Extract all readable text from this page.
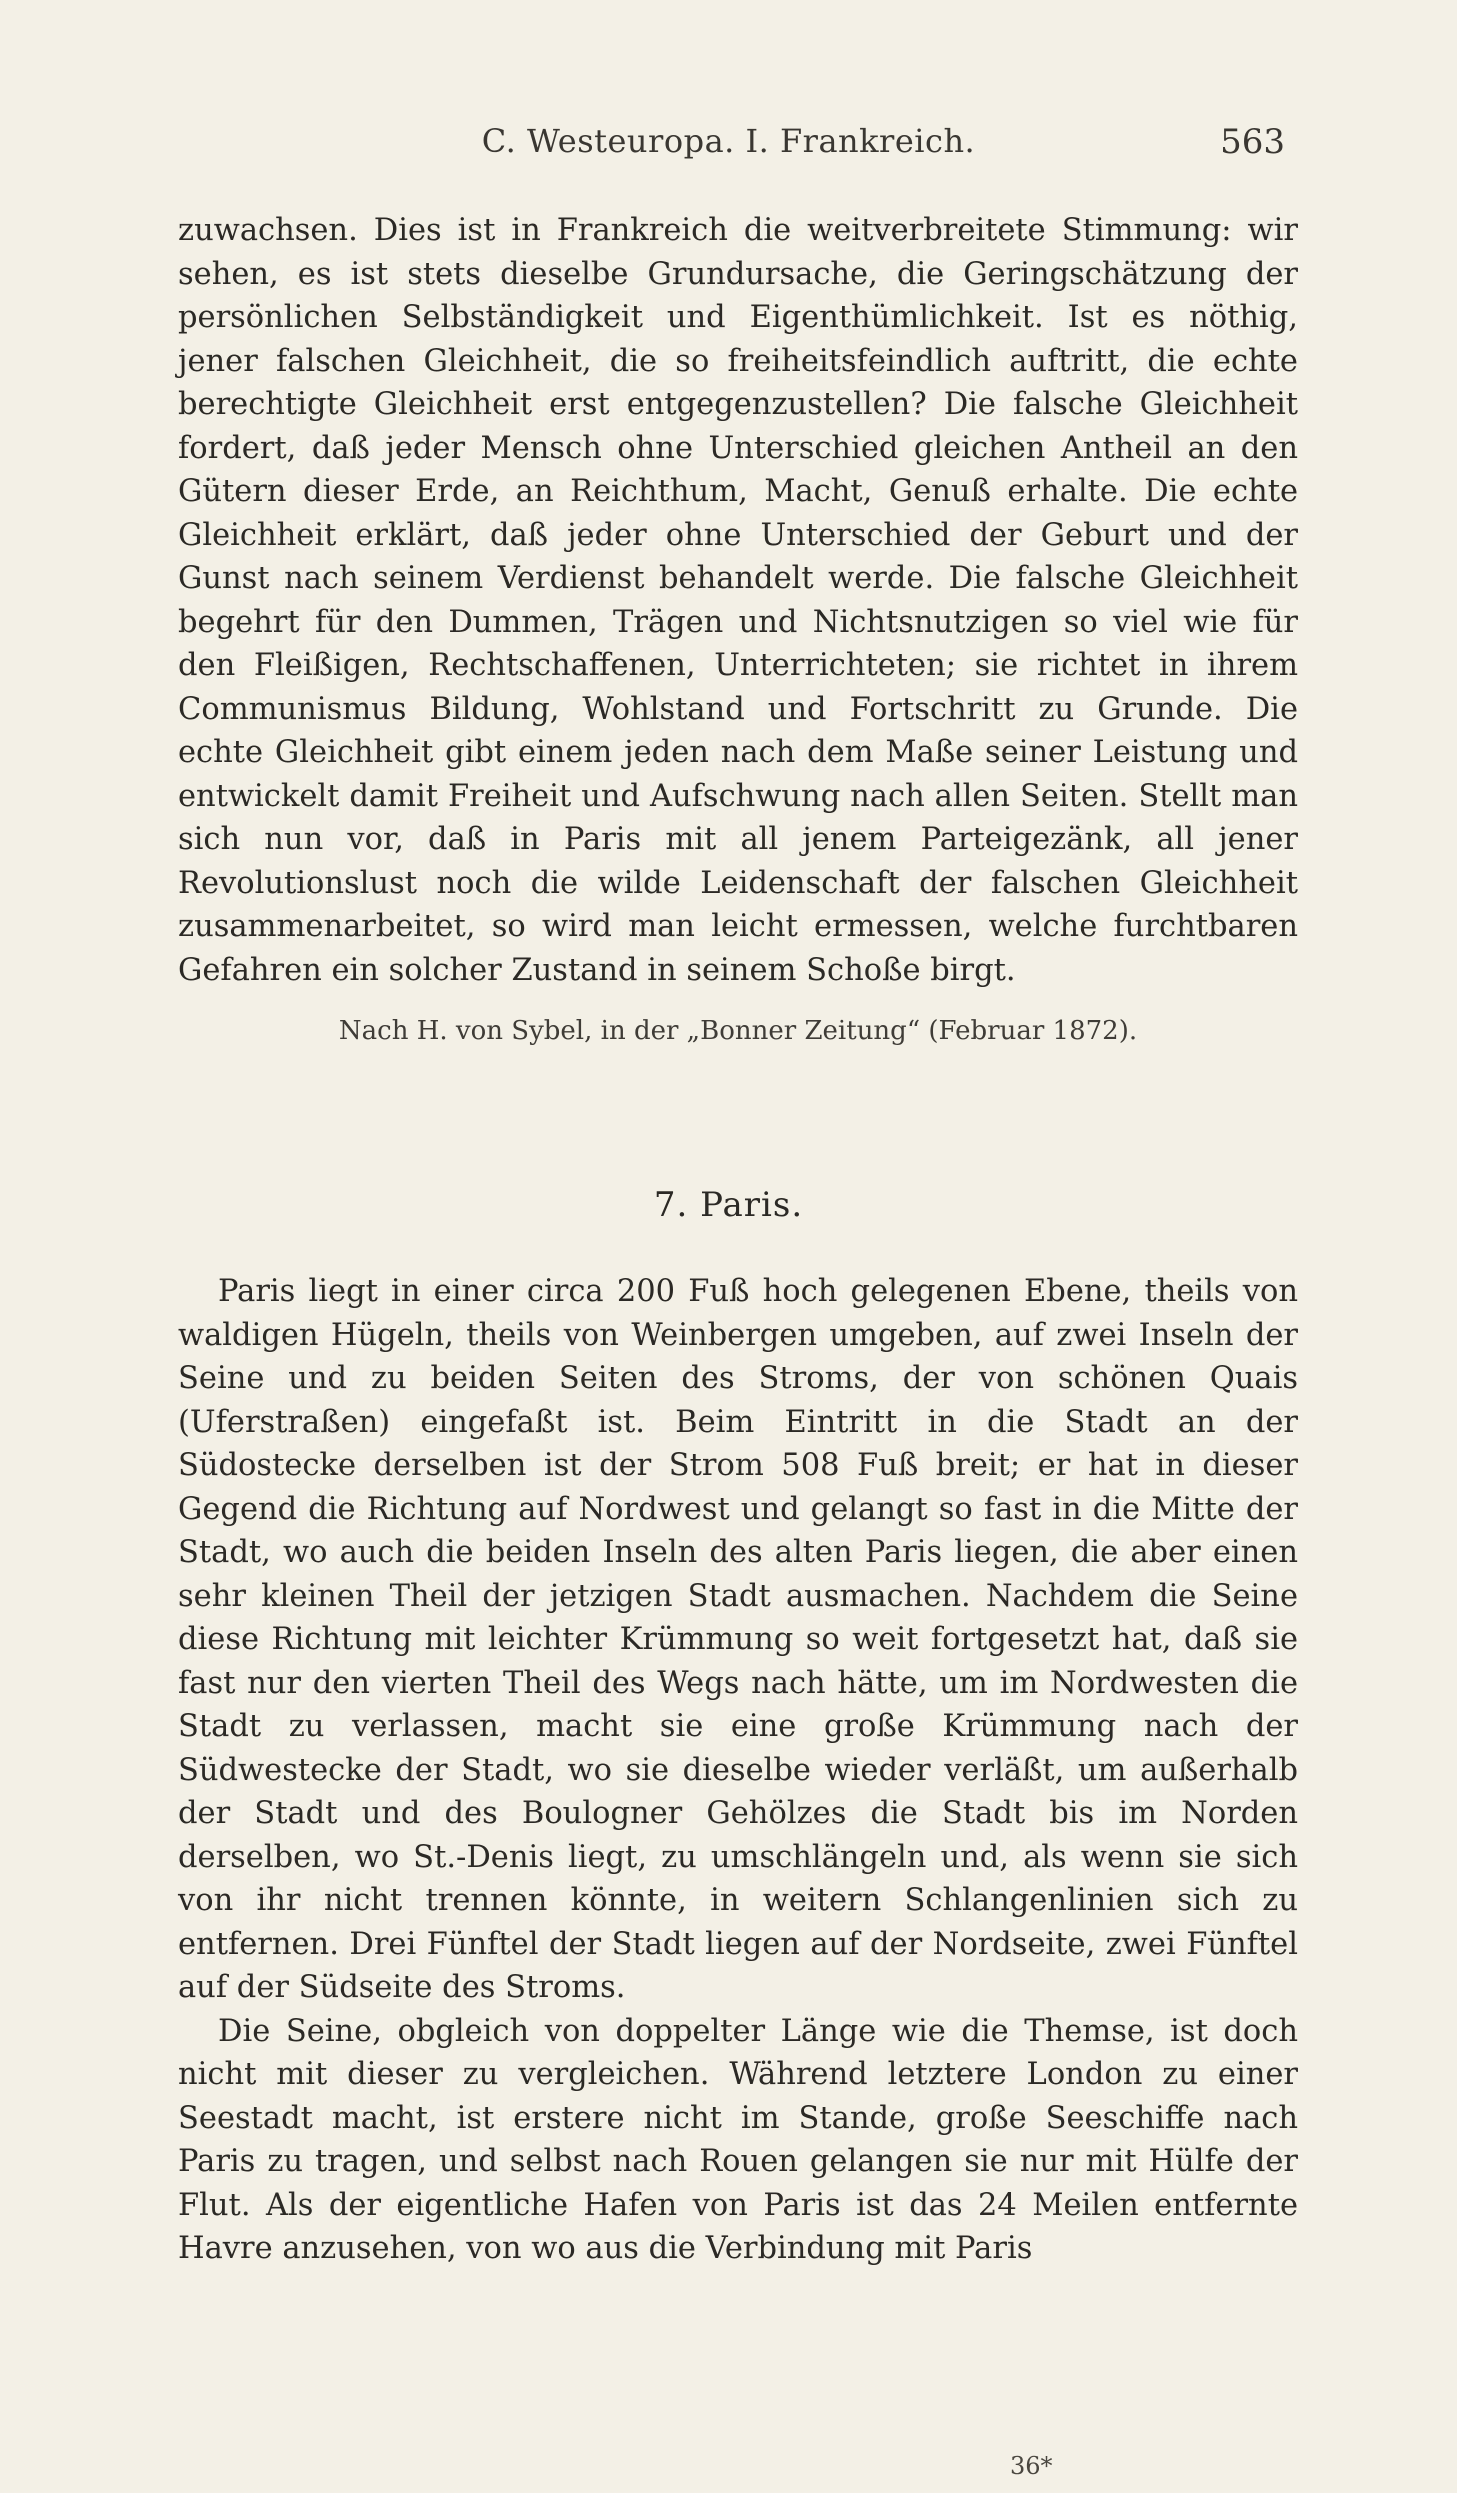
C. Westeuropa. I. Frankreich.	563

zuwachsen. Dies ist in Frankreich die weitverbreitete Stimmung: wir sehen, es ist stets dieselbe Grundursache, die Geringschätzung der persönlichen Selbständigkeit und Eigenthümlichkeit. Ist es nöthig, jener falschen Gleichheit, die so freiheitsfeindlich auftritt, die echte berechtigte Gleichheit erst entgegenzustellen? Die falsche Gleichheit fordert, daß jeder Mensch ohne Unterschied gleichen Antheil an den Gütern dieser Erde, an Reichthum, Macht, Genuß erhalte. Die echte Gleichheit erklärt, daß jeder ohne Unterschied der Geburt und der Gunst nach seinem Verdienst behandelt werde. Die falsche Gleichheit begehrt für den Dummen, Trägen und Nichtsnutzigen so viel wie für den Fleißigen, Rechtschaffenen, Unterrichteten; sie richtet in ihrem Communismus Bildung, Wohlstand und Fortschritt zu Grunde. Die echte Gleichheit gibt einem jeden nach dem Maße seiner Leistung und entwickelt damit Freiheit und Aufschwung nach allen Seiten. Stellt man sich nun vor, daß in Paris mit all jenem Parteigezänk, all jener Revolutionslust noch die wilde Leidenschaft der falschen Gleichheit zusammenarbeitet, so wird man leicht ermessen, welche furchtbaren Gefahren ein solcher Zustand in seinem Schoße birgt.

Nach H. von Sybel, in der „Bonner Zeitung“ (Februar 1872).
7. Paris.

Paris liegt in einer circa 200 Fuß hoch gelegenen Ebene, theils von waldigen Hügeln, theils von Weinbergen umgeben, auf zwei Inseln der Seine und zu beiden Seiten des Stroms, der von schönen Quais (Uferstraßen) eingefaßt ist. Beim Eintritt in die Stadt an der Südostecke derselben ist der Strom 508 Fuß breit; er hat in dieser Gegend die Richtung auf Nordwest und gelangt so fast in die Mitte der Stadt, wo auch die beiden Inseln des alten Paris liegen, die aber einen sehr kleinen Theil der jetzigen Stadt ausmachen. Nachdem die Seine diese Richtung mit leichter Krümmung so weit fortgesetzt hat, daß sie fast nur den vierten Theil des Wegs nach hätte, um im Nordwesten die Stadt zu verlassen, macht sie eine große Krümmung nach der Südwestecke der Stadt, wo sie dieselbe wieder verläßt, um außerhalb der Stadt und des Boulogner Gehölzes die Stadt bis im Norden derselben, wo St.-Denis liegt, zu umschlängeln und, als wenn sie sich von ihr nicht trennen könnte, in weitern Schlangenlinien sich zu entfernen. Drei Fünftel der Stadt liegen auf der Nordseite, zwei Fünftel auf der Südseite des Stroms.

Die Seine, obgleich von doppelter Länge wie die Themse, ist doch nicht mit dieser zu vergleichen. Während letztere London zu einer Seestadt macht, ist erstere nicht im Stande, große Seeschiffe nach Paris zu tragen, und selbst nach Rouen gelangen sie nur mit Hülfe der Flut. Als der eigentliche Hafen von Paris ist das 24 Meilen entfernte Havre anzusehen, von wo aus die Verbindung mit Paris

36*
